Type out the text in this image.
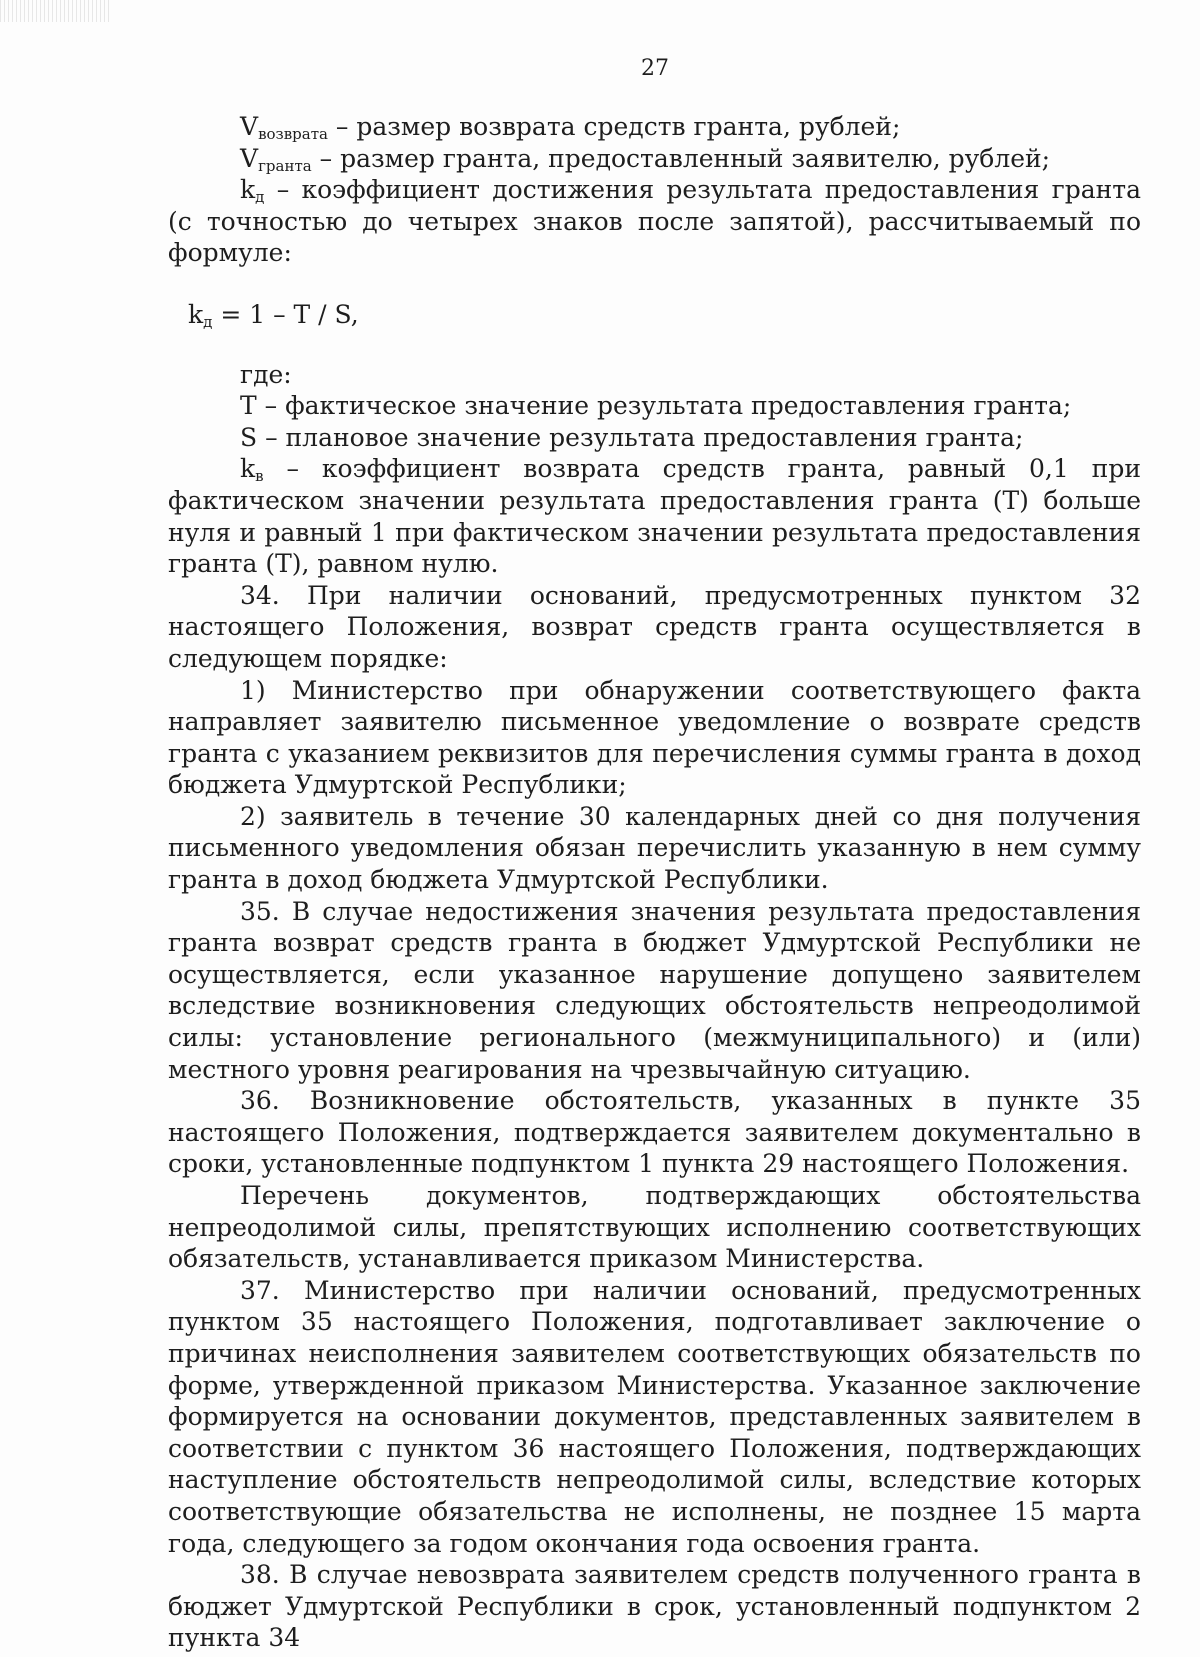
27

$V_{возврата}$ – размер возврата средств гранта, рублей;

$V_{гранта}$ – размер гранта, предоставленный заявителю, рублей;

$k_д$ – коэффициент достижения результата предоставления гранта (с точностью до четырех знаков после запятой), рассчитываемый по формуле:

$k_д = 1 - T / S$,

где:

T – фактическое значение результата предоставления гранта;

S – плановое значение результата предоставления гранта;

$k_в$ – коэффициент возврата средств гранта, равный 0,1 при фактическом значении результата предоставления гранта (T) больше нуля и равный 1 при фактическом значении результата предоставления гранта (T), равном нулю.

34. При наличии оснований, предусмотренных пунктом 32 настоящего Положения, возврат средств гранта осуществляется в следующем порядке:

1) Министерство при обнаружении соответствующего факта направляет заявителю письменное уведомление о возврате средств гранта с указанием реквизитов для перечисления суммы гранта в доход бюджета Удмуртской Республики;

2) заявитель в течение 30 календарных дней со дня получения письменного уведомления обязан перечислить указанную в нем сумму гранта в доход бюджета Удмуртской Республики.

35. В случае недостижения значения результата предоставления гранта возврат средств гранта в бюджет Удмуртской Республики не осуществляется, если указанное нарушение допущено заявителем вследствие возникновения следующих обстоятельств непреодолимой силы: установление регионального (межмуниципального) и (или) местного уровня реагирования на чрезвычайную ситуацию.

36. Возникновение обстоятельств, указанных в пункте 35 настоящего Положения, подтверждается заявителем документально в сроки, установленные подпунктом 1 пункта 29 настоящего Положения.

Перечень документов, подтверждающих обстоятельства непреодолимой силы, препятствующих исполнению соответствующих обязательств, устанавливается приказом Министерства.

37. Министерство при наличии оснований, предусмотренных пунктом 35 настоящего Положения, подготавливает заключение о причинах неисполнения заявителем соответствующих обязательств по форме, утвержденной приказом Министерства. Указанное заключение формируется на основании документов, представленных заявителем в соответствии с пунктом 36 настоящего Положения, подтверждающих наступление обстоятельств непреодолимой силы, вследствие которых соответствующие обязательства не исполнены, не позднее 15 марта года, следующего за годом окончания года освоения гранта.

38. В случае невозврата заявителем средств полученного гранта в бюджет Удмуртской Республики в срок, установленный подпунктом 2 пункта 34
